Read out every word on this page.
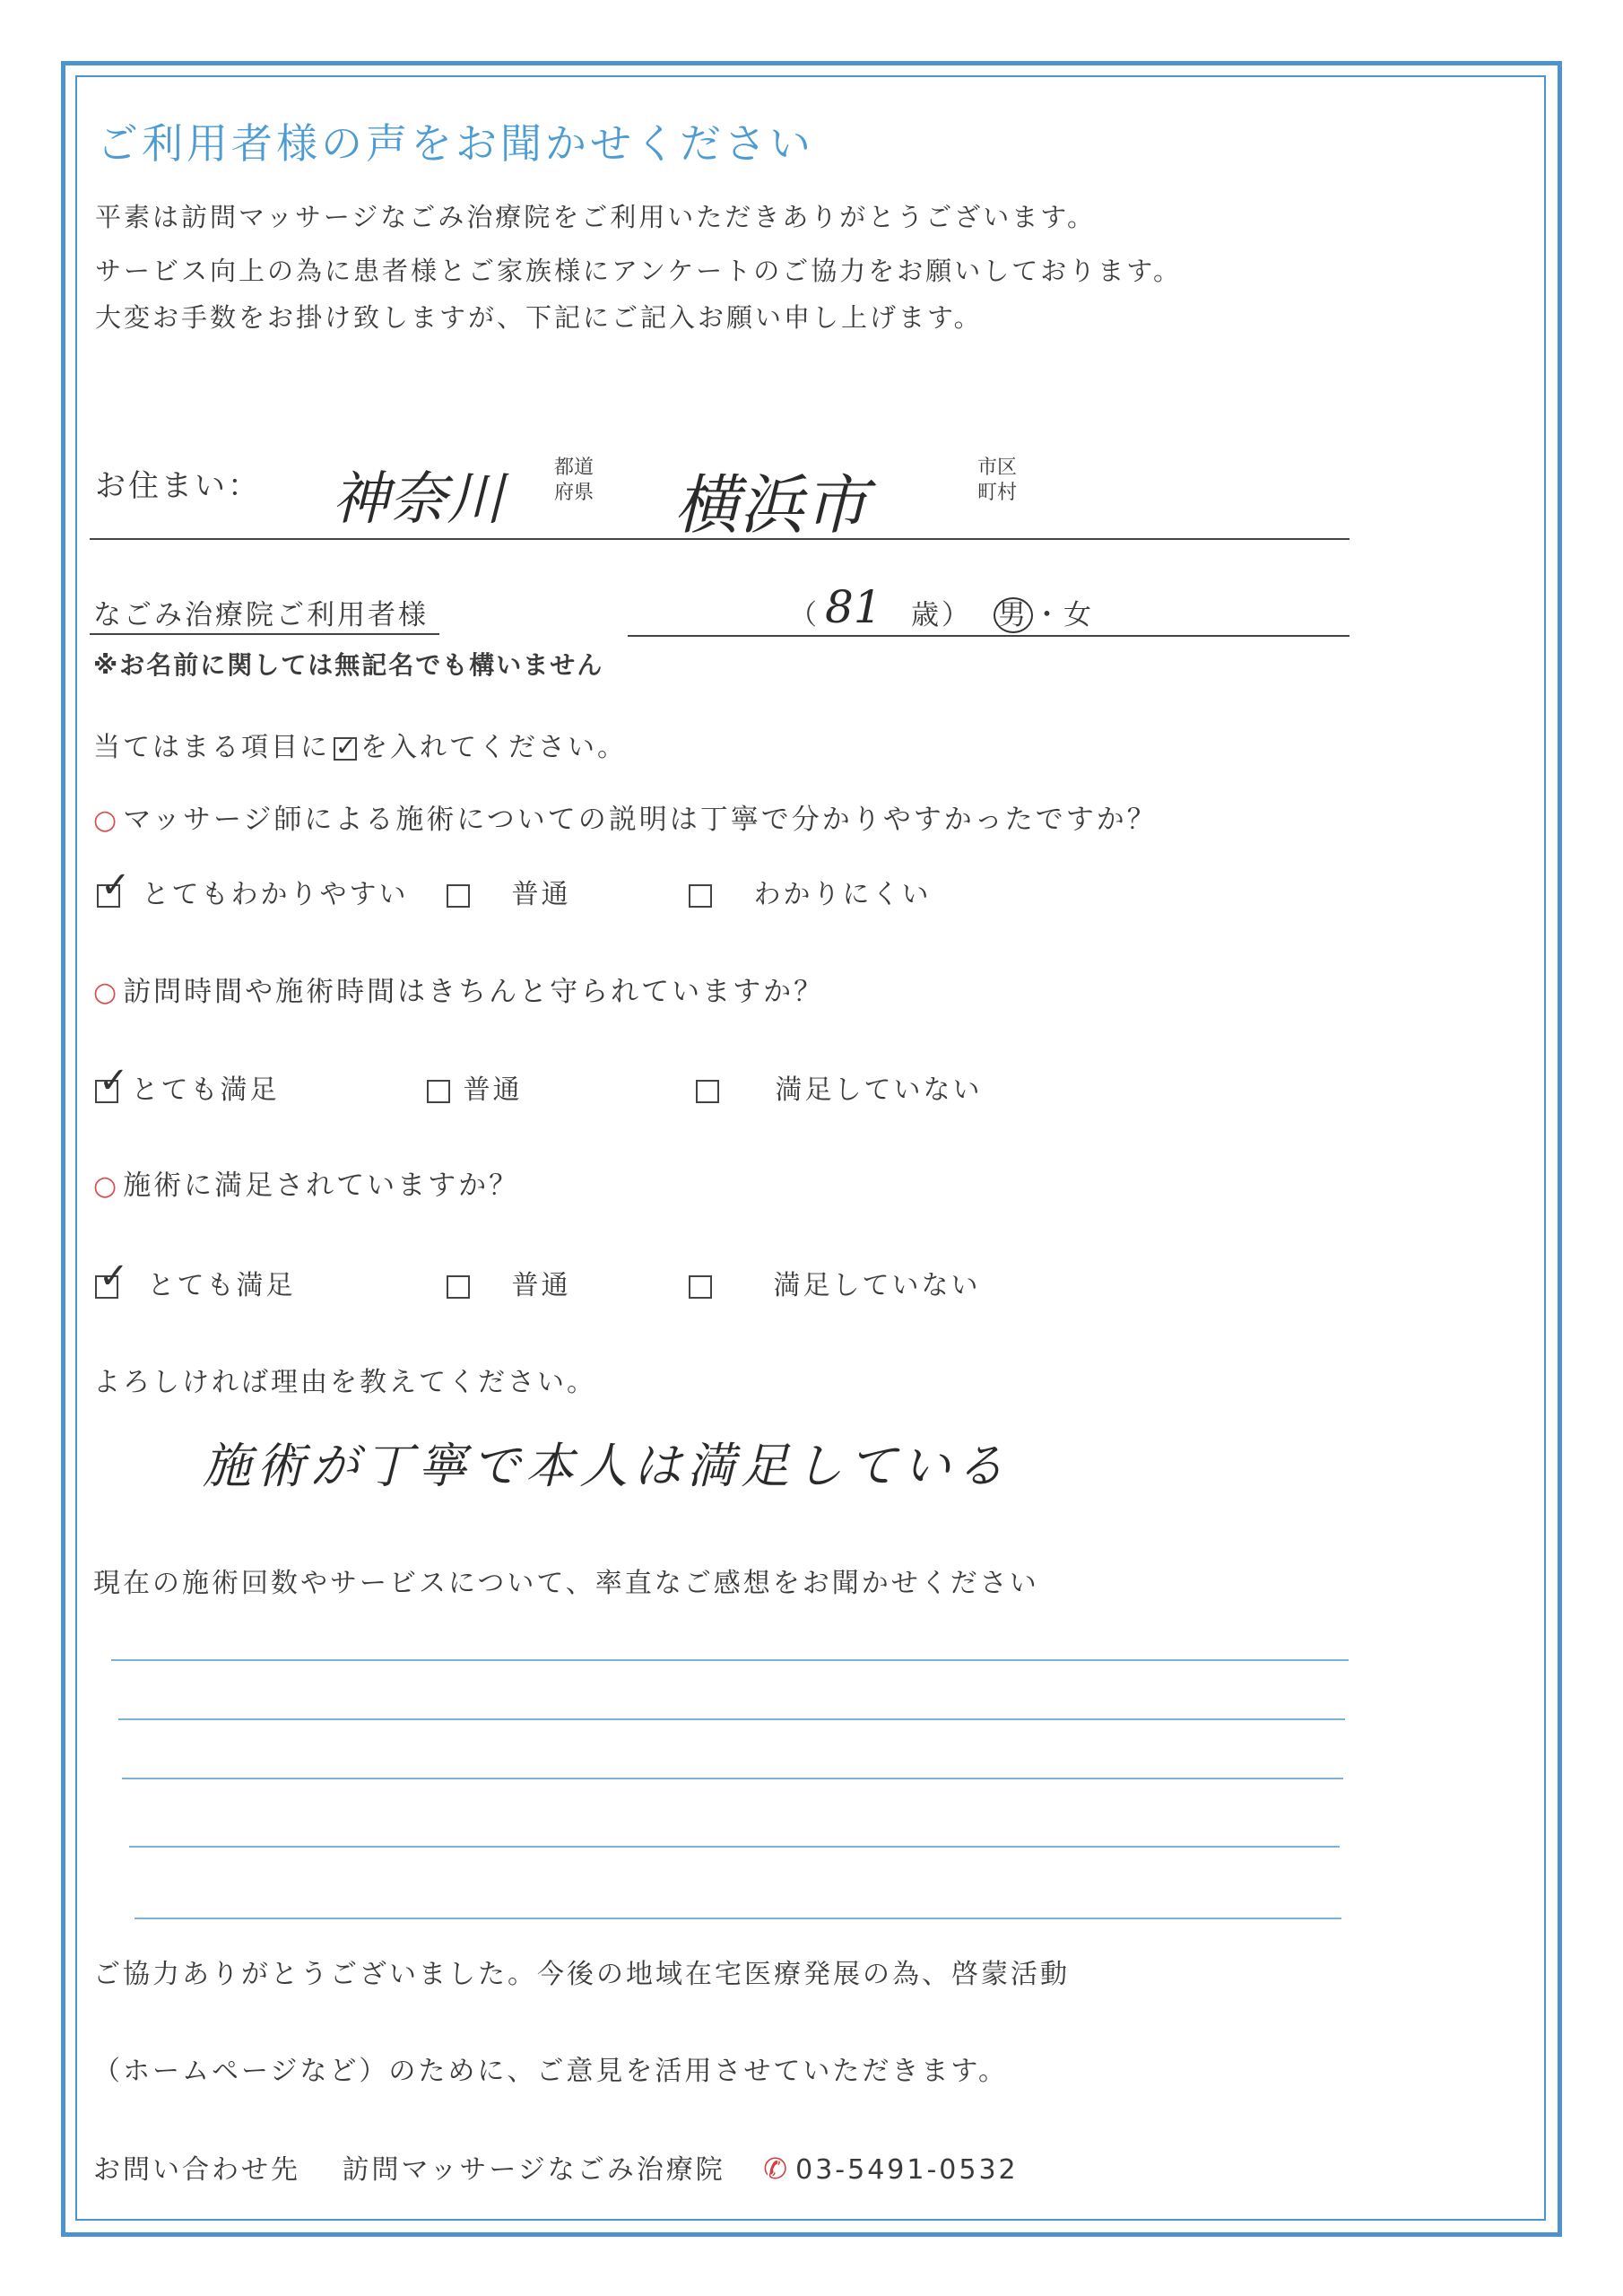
ご利用者様の声をお聞かせください
平素は訪問マッサージなごみ治療院をご利用いただきありがとうございます。
サービス向上の為に患者様とご家族様にアンケートのご協力をお願いしております。
大変お手数をお掛け致しますが、下記にご記入お願い申し上げます。
お住まい： 神奈川	都道
府県 横浜市	市区
町村
なごみ治療院ご利用者様	（ 81 歳） 男 ・女
※お名前に関しては無記名でも構いません
当てはまる項目に ✓ を入れてください。
○ マッサージ師による施術についての説明は丁寧で分かりやすかったですか？
✓ とてもわかりやすい	普通	わかりにくい
○ 訪問時間や施術時間はきちんと守られていますか？
✓ とても満足	普通	満足していない
○ 施術に満足されていますか？
✓ とても満足	普通	満足していない
よろしければ理由を教えてください。
施術が丁寧で本人は満足している
現在の施術回数やサービスについて、率直なご感想をお聞かせください
ご協力ありがとうございました。今後の地域在宅医療発展の為、啓蒙活動
（ホームページなど）のために、ご意見を活用させていただきます。
お問い合わせ先 訪問マッサージなごみ治療院 ✆ 03-5491-0532
